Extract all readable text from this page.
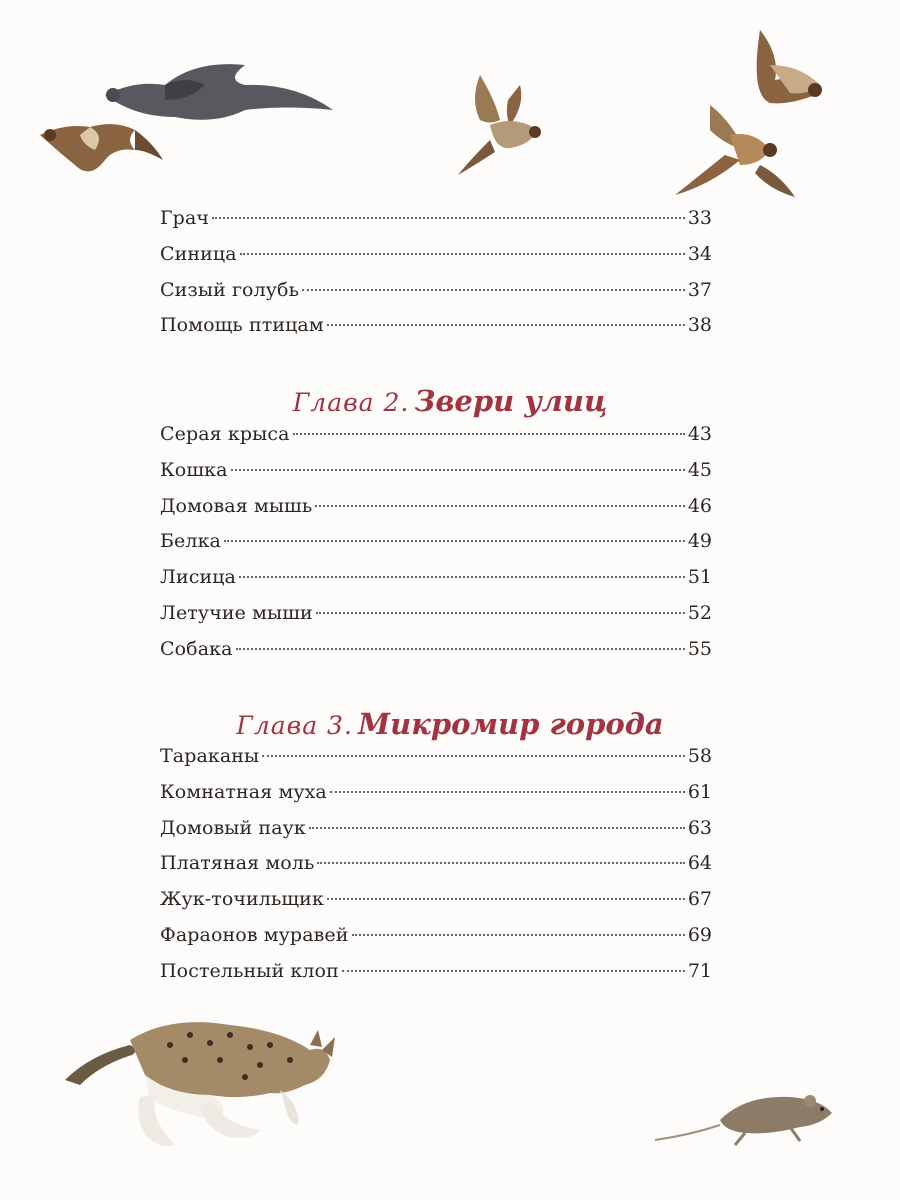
Грач	33
Синица	34
Сизый голубь	37
Помощь птицам	38
Глава 2. Звери улиц
Серая крыса	43
Кошка	45
Домовая мышь	46
Белка	49
Лисица	51
Летучие мыши	52
Собака	55
Глава 3. Микромир города
Тараканы	58
Комнатная муха	61
Домовый паук	63
Платяная моль	64
Жук-точильщик	67
Фараонов муравей	69
Постельный клоп	71
